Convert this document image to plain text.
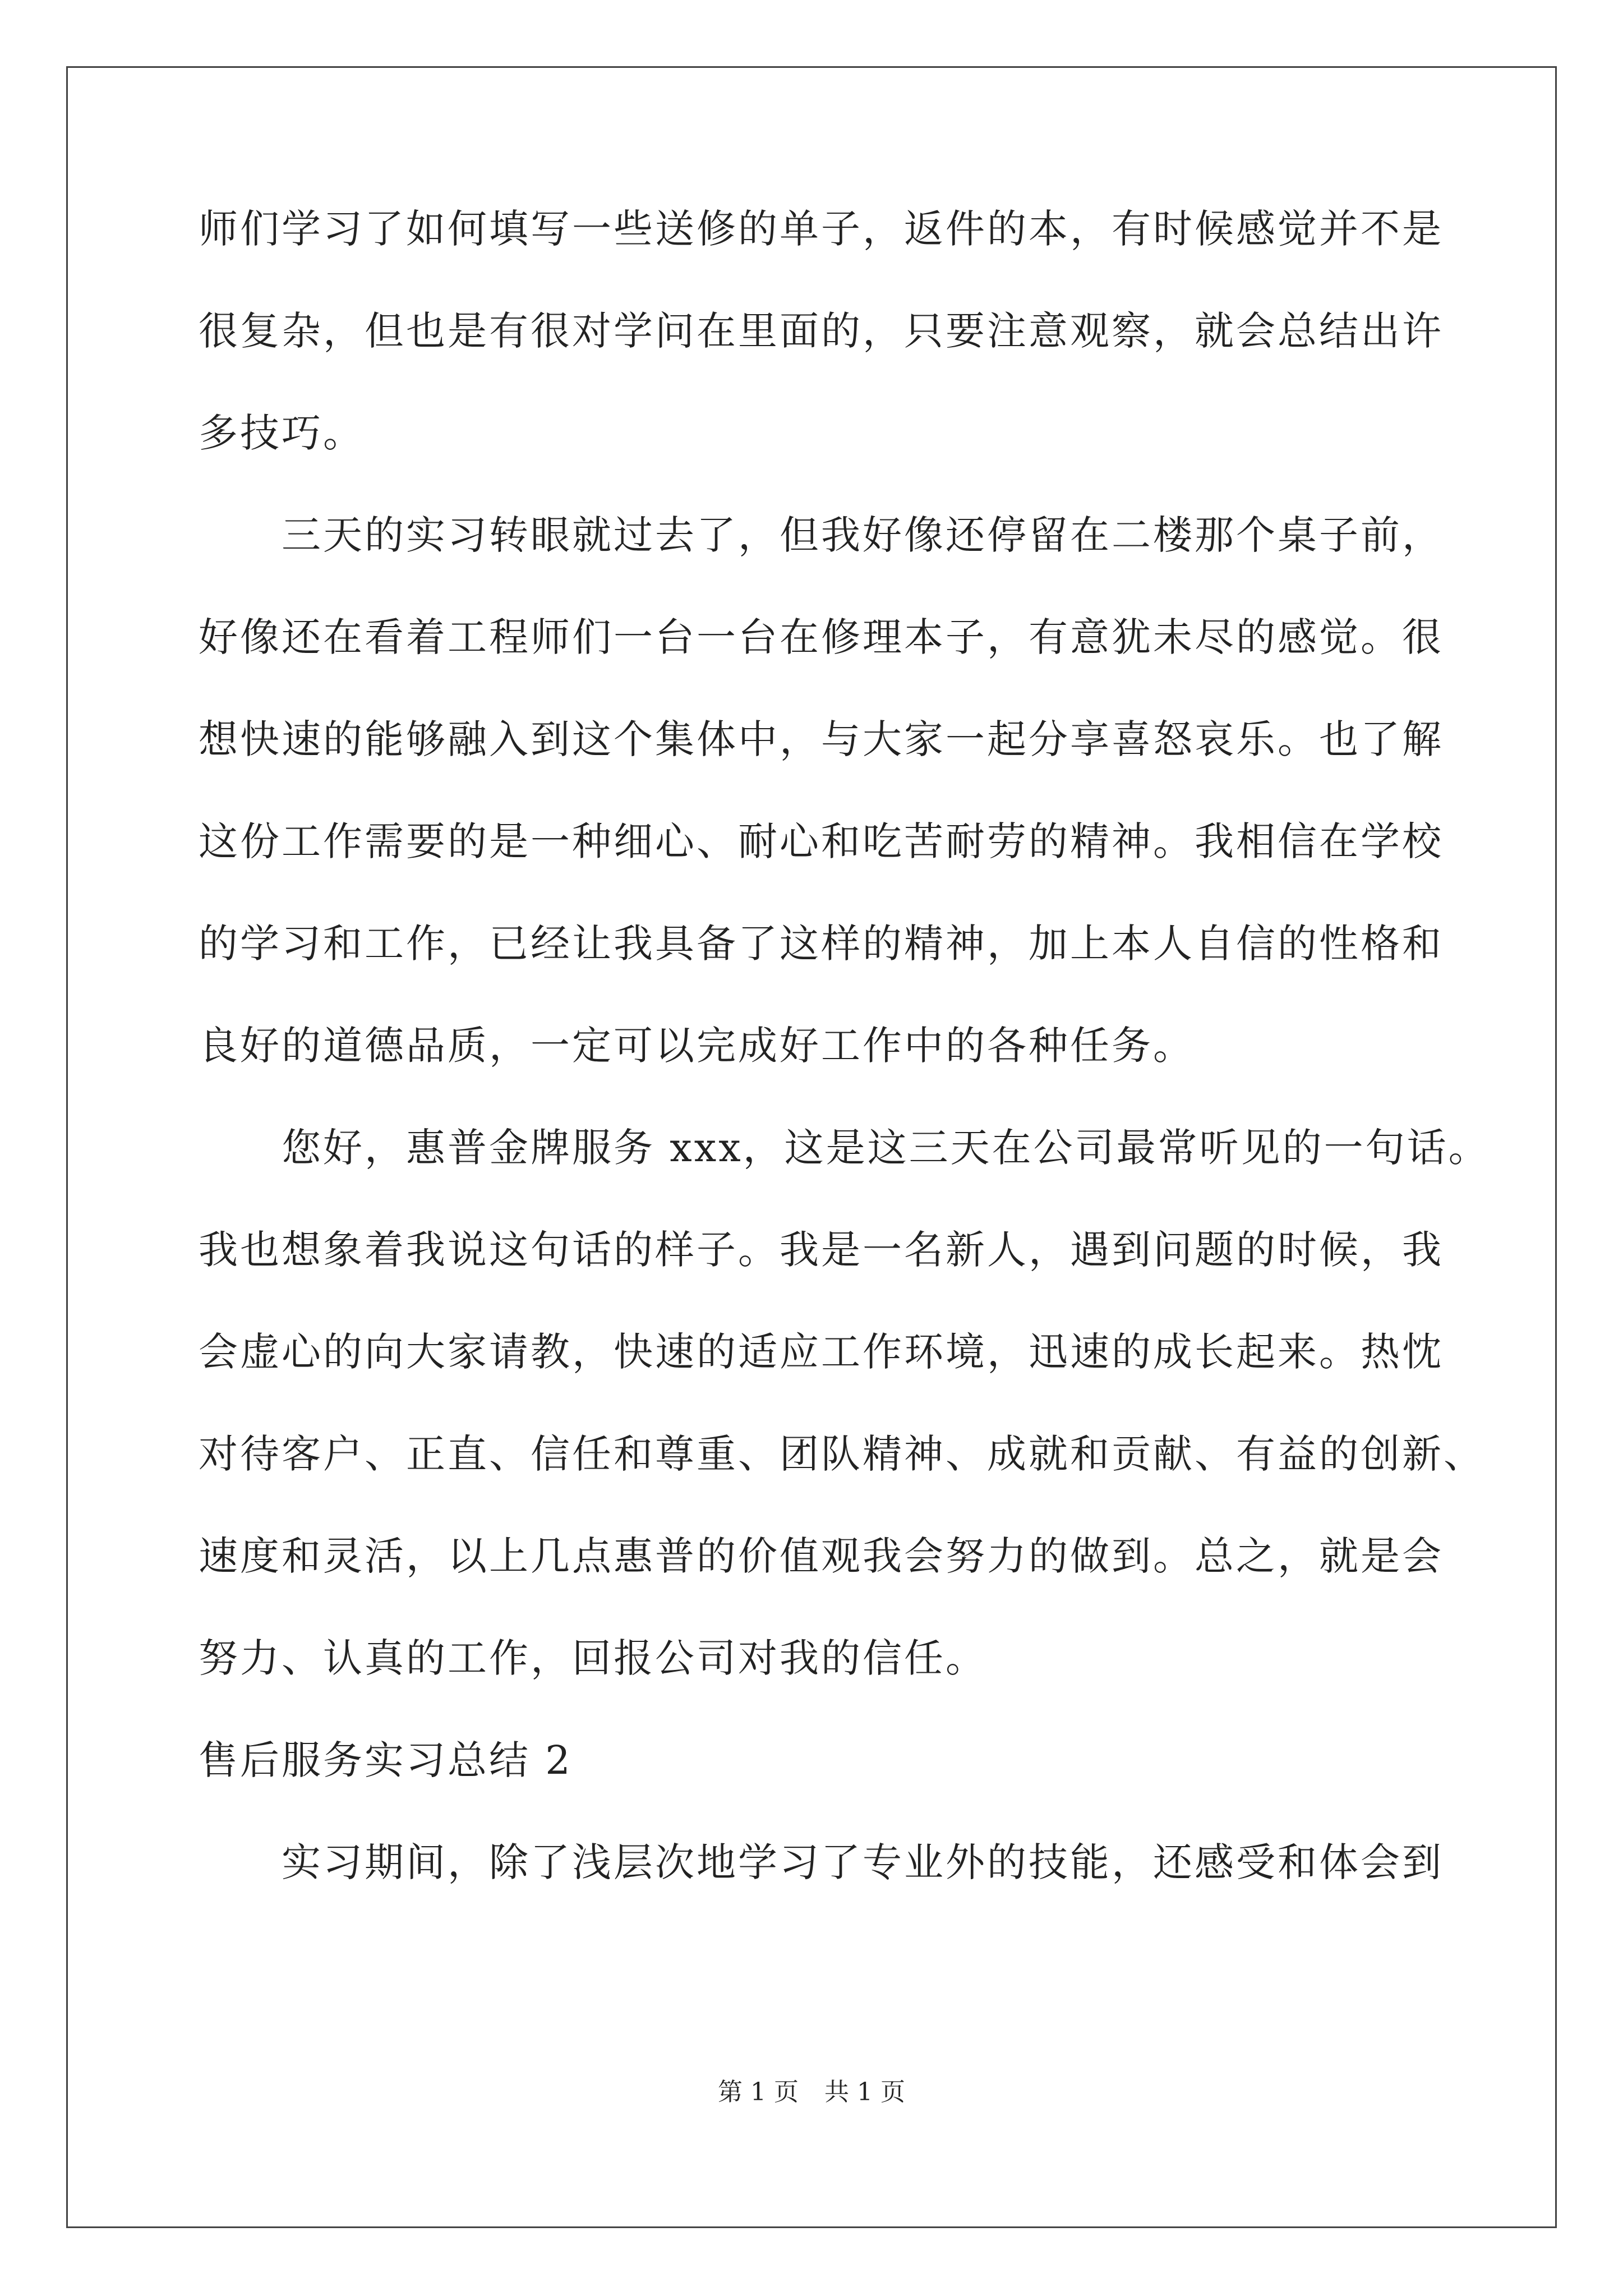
师们学习了如何填写一些送修的单子，返件的本，有时候感觉并不是
很复杂，但也是有很对学问在里面的，只要注意观察，就会总结出许
多技巧。
三天的实习转眼就过去了，但我好像还停留在二楼那个桌子前，
好像还在看着工程师们一台一台在修理本子，有意犹未尽的感觉。很
想快速的能够融入到这个集体中，与大家一起分享喜怒哀乐。也了解
这份工作需要的是一种细心、耐心和吃苦耐劳的精神。我相信在学校
的学习和工作，已经让我具备了这样的精神，加上本人自信的性格和
良好的道德品质，一定可以完成好工作中的各种任务。
您好，惠普金牌服务 xxx，这是这三天在公司最常听见的一句话。
我也想象着我说这句话的样子。我是一名新人，遇到问题的时候，我
会虚心的向大家请教，快速的适应工作环境，迅速的成长起来。热忱
对待客户、正直、信任和尊重、团队精神、成就和贡献、有益的创新、
速度和灵活，以上几点惠普的价值观我会努力的做到。总之，就是会
努力、认真的工作，回报公司对我的信任。
售后服务实习总结 2
实习期间，除了浅层次地学习了专业外的技能，还感受和体会到
第 1 页 共 1 页
